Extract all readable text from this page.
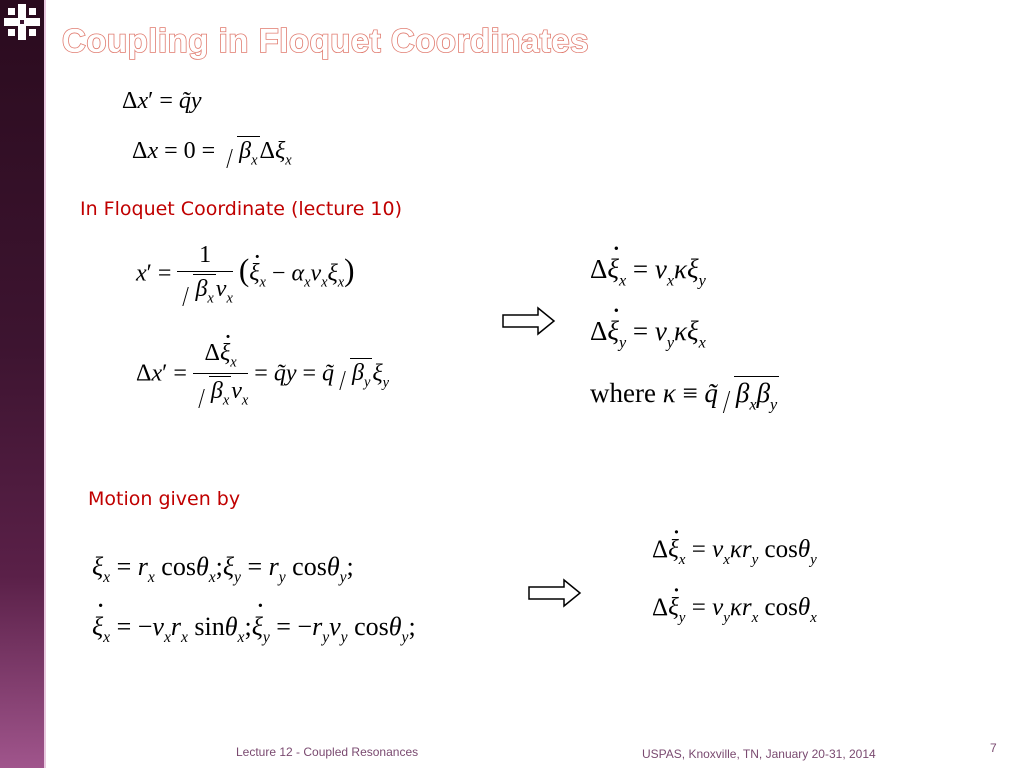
Coupling in Floquet Coordinates
Δx′ = q̃y
$\Delta x = 0 = \beta_x\Delta\xi_x$
In Floquet Coordinate (lecture 10)
$x' = \frac{1}{\beta_x\nu_x}$ (· $\xi_x - \alpha_x\nu_x\xi_x$)
$\Delta x' = \frac{\Delta\cdot \xi_x}{\beta_x\nu_x}$ = q̃y = q̃ $\beta_y\xi_y$
$\Delta\cdot \xi_x = \nu_x\kappa\xi_y$
$\Delta\cdot \xi_y = \nu_y\kappa\xi_x$
where κ ≡ q̃ $\beta_x\beta_y$
Motion given by
$\xi_x = r_x$ $\cos\theta_x;\xi_y = r_y$ cosθ$_y$;
· $\xi_x = -\nu_xr_x$ sinθ$_x$;· $\xi_y = -r_y\nu_y$ cosθ$_y$;
$\Delta\cdot \xi_x = \nu_x\kappa r_y$ cosθ$_y$
$\Delta\cdot \xi_y = \nu_y\kappa r_x$ cosθ$_x$
Lecture 12 - Coupled Resonances	USPAS, Knoxville, TN, January 20-31, 2014	7
